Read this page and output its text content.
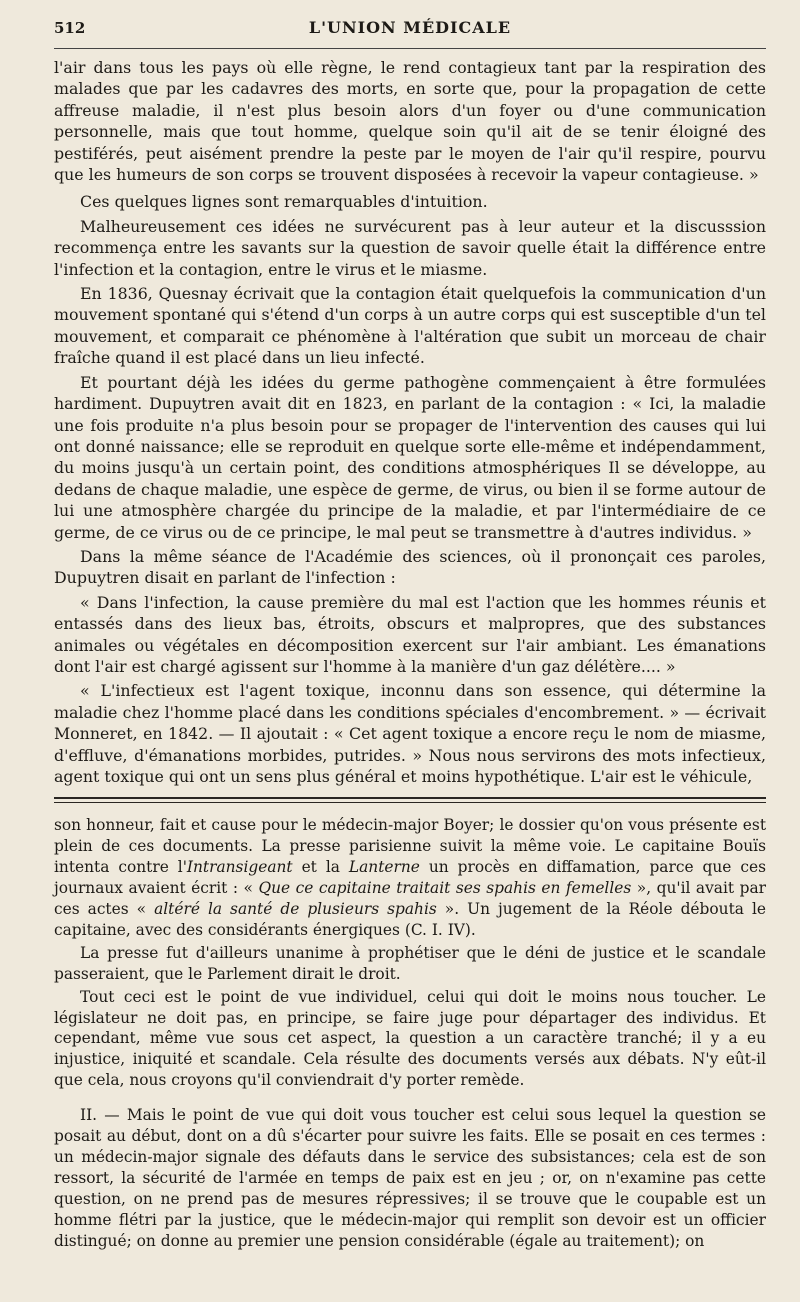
512	L'UNION MÉDICALE

l'air dans tous les pays où elle règne, le rend contagieux tant par la respiration des malades que par les cadavres des morts, en sorte que, pour la propagation de cette affreuse maladie, il n'est plus besoin alors d'un foyer ou d'une communication personnelle, mais que tout homme, quelque soin qu'il ait de se tenir éloigné des pestiférés, peut aisément prendre la peste par le moyen de l'air qu'il respire, pourvu que les humeurs de son corps se trouvent disposées à recevoir la vapeur contagieuse. »

Ces quelques lignes sont remarquables d'intuition.

Malheureusement ces idées ne survécurent pas à leur auteur et la discusssion recommença entre les savants sur la question de savoir quelle était la différence entre l'infection et la contagion, entre le virus et le miasme.

En 1836, Quesnay écrivait que la contagion était quelquefois la communication d'un mouvement spontané qui s'étend d'un corps à un autre corps qui est susceptible d'un tel mouvement, et comparait ce phénomène à l'altération que subit un morceau de chair fraîche quand il est placé dans un lieu infecté.

Et pourtant déjà les idées du germe pathogène commençaient à être formulées hardiment. Dupuytren avait dit en 1823, en parlant de la contagion : « Ici, la maladie une fois produite n'a plus besoin pour se propager de l'intervention des causes qui lui ont donné naissance; elle se reproduit en quelque sorte elle-même et indépendamment, du moins jusqu'à un certain point, des conditions atmosphériques Il se développe, au dedans de chaque maladie, une espèce de germe, de virus, ou bien il se forme autour de lui une atmosphère chargée du principe de la maladie, et par l'intermédiaire de ce germe, de ce virus ou de ce principe, le mal peut se transmettre à d'autres individus. »

Dans la même séance de l'Académie des sciences, où il prononçait ces paroles, Dupuytren disait en parlant de l'infection :

« Dans l'infection, la cause première du mal est l'action que les hommes réunis et entassés dans des lieux bas, étroits, obscurs et malpropres, que des substances animales ou végétales en décomposition exercent sur l'air ambiant. Les émanations dont l'air est chargé agissent sur l'homme à la manière d'un gaz délétère.... »

« L'infectieux est l'agent toxique, inconnu dans son essence, qui détermine la maladie chez l'homme placé dans les conditions spéciales d'encombrement. » — écrivait Monneret, en 1842. — Il ajoutait : « Cet agent toxique a encore reçu le nom de miasme, d'effluve, d'émanations morbides, putrides. » Nous nous servirons des mots infectieux, agent toxique qui ont un sens plus général et moins hypothétique. L'air est le véhicule,

son honneur, fait et cause pour le médecin-major Boyer; le dossier qu'on vous présente est plein de ces documents. La presse parisienne suivit la même voie. Le capitaine Bouïs intenta contre l'Intransigeant et la Lanterne un procès en diffamation, parce que ces journaux avaient écrit : « Que ce capitaine traitait ses spahis en femelles », qu'il avait par ces actes « altéré la santé de plusieurs spahis ». Un jugement de la Réole débouta le capitaine, avec des considérants énergiques (C. I. IV).

La presse fut d'ailleurs unanime à prophétiser que le déni de justice et le scandale passeraient, que le Parlement dirait le droit.

Tout ceci est le point de vue individuel, celui qui doit le moins nous toucher. Le législateur ne doit pas, en principe, se faire juge pour départager des individus. Et cependant, même vue sous cet aspect, la question a un caractère tranché; il y a eu injustice, iniquité et scandale. Cela résulte des documents versés aux débats. N'y eût-il que cela, nous croyons qu'il conviendrait d'y porter remède.

II. — Mais le point de vue qui doit vous toucher est celui sous lequel la question se posait au début, dont on a dû s'écarter pour suivre les faits. Elle se posait en ces termes : un médecin-major signale des défauts dans le service des subsistances; cela est de son ressort, la sécurité de l'armée en temps de paix est en jeu ; or, on n'examine pas cette question, on ne prend pas de mesures répressives; il se trouve que le coupable est un homme flétri par la justice, que le médecin-major qui remplit son devoir est un officier distingué; on donne au premier une pension considérable (égale au traitement); on
